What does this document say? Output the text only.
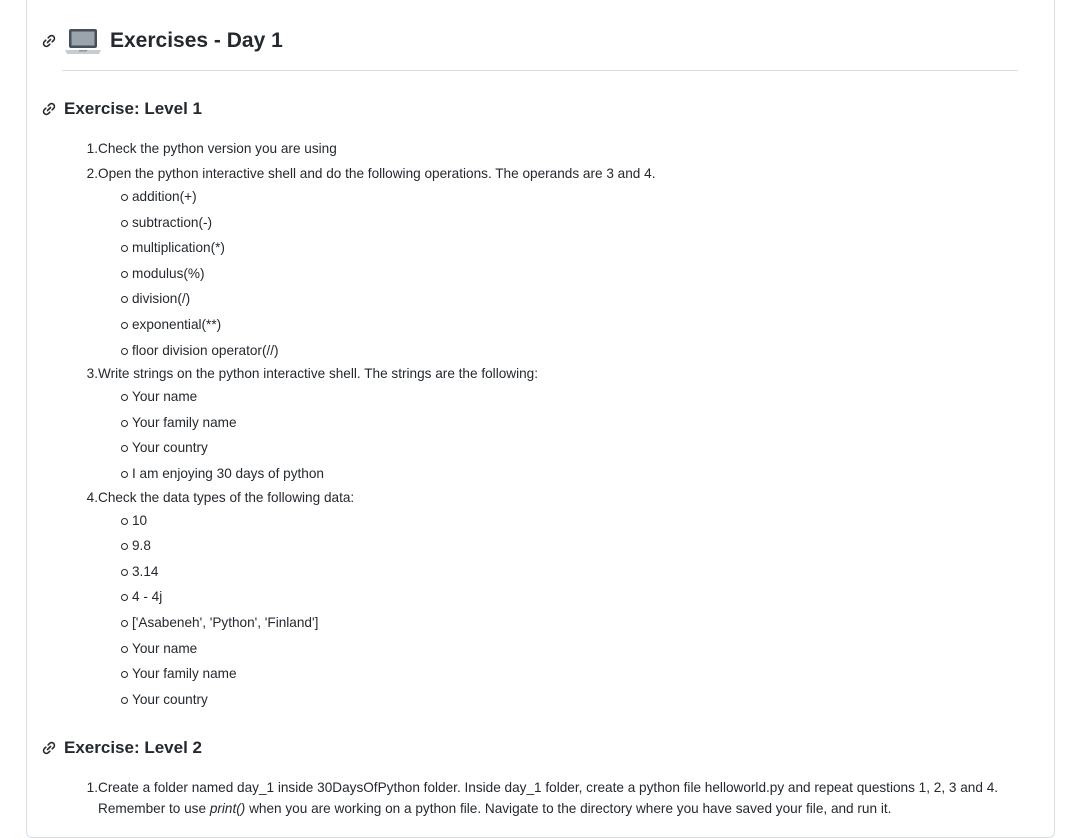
Exercises - Day 1
Exercise: Level 1
1. Check the python version you are using
2. Open the python interactive shell and do the following operations. The operands are 3 and 4.
addition(+)
subtraction(-)
multiplication(*)
modulus(%)
division(/)
exponential(**)
floor division operator(//)
3. Write strings on the python interactive shell. The strings are the following:
Your name
Your family name
Your country
I am enjoying 30 days of python
4. Check the data types of the following data:
10
9.8
3.14
4 - 4j
['Asabeneh', 'Python', 'Finland']
Your name
Your family name
Your country
Exercise: Level 2
1. Create a folder named day_1 inside 30DaysOfPython folder. Inside day_1 folder, create a python file helloworld.py and repeat questions 1, 2, 3 and 4. Remember to use print() when you are working on a python file. Navigate to the directory where you have saved your file, and run it.
